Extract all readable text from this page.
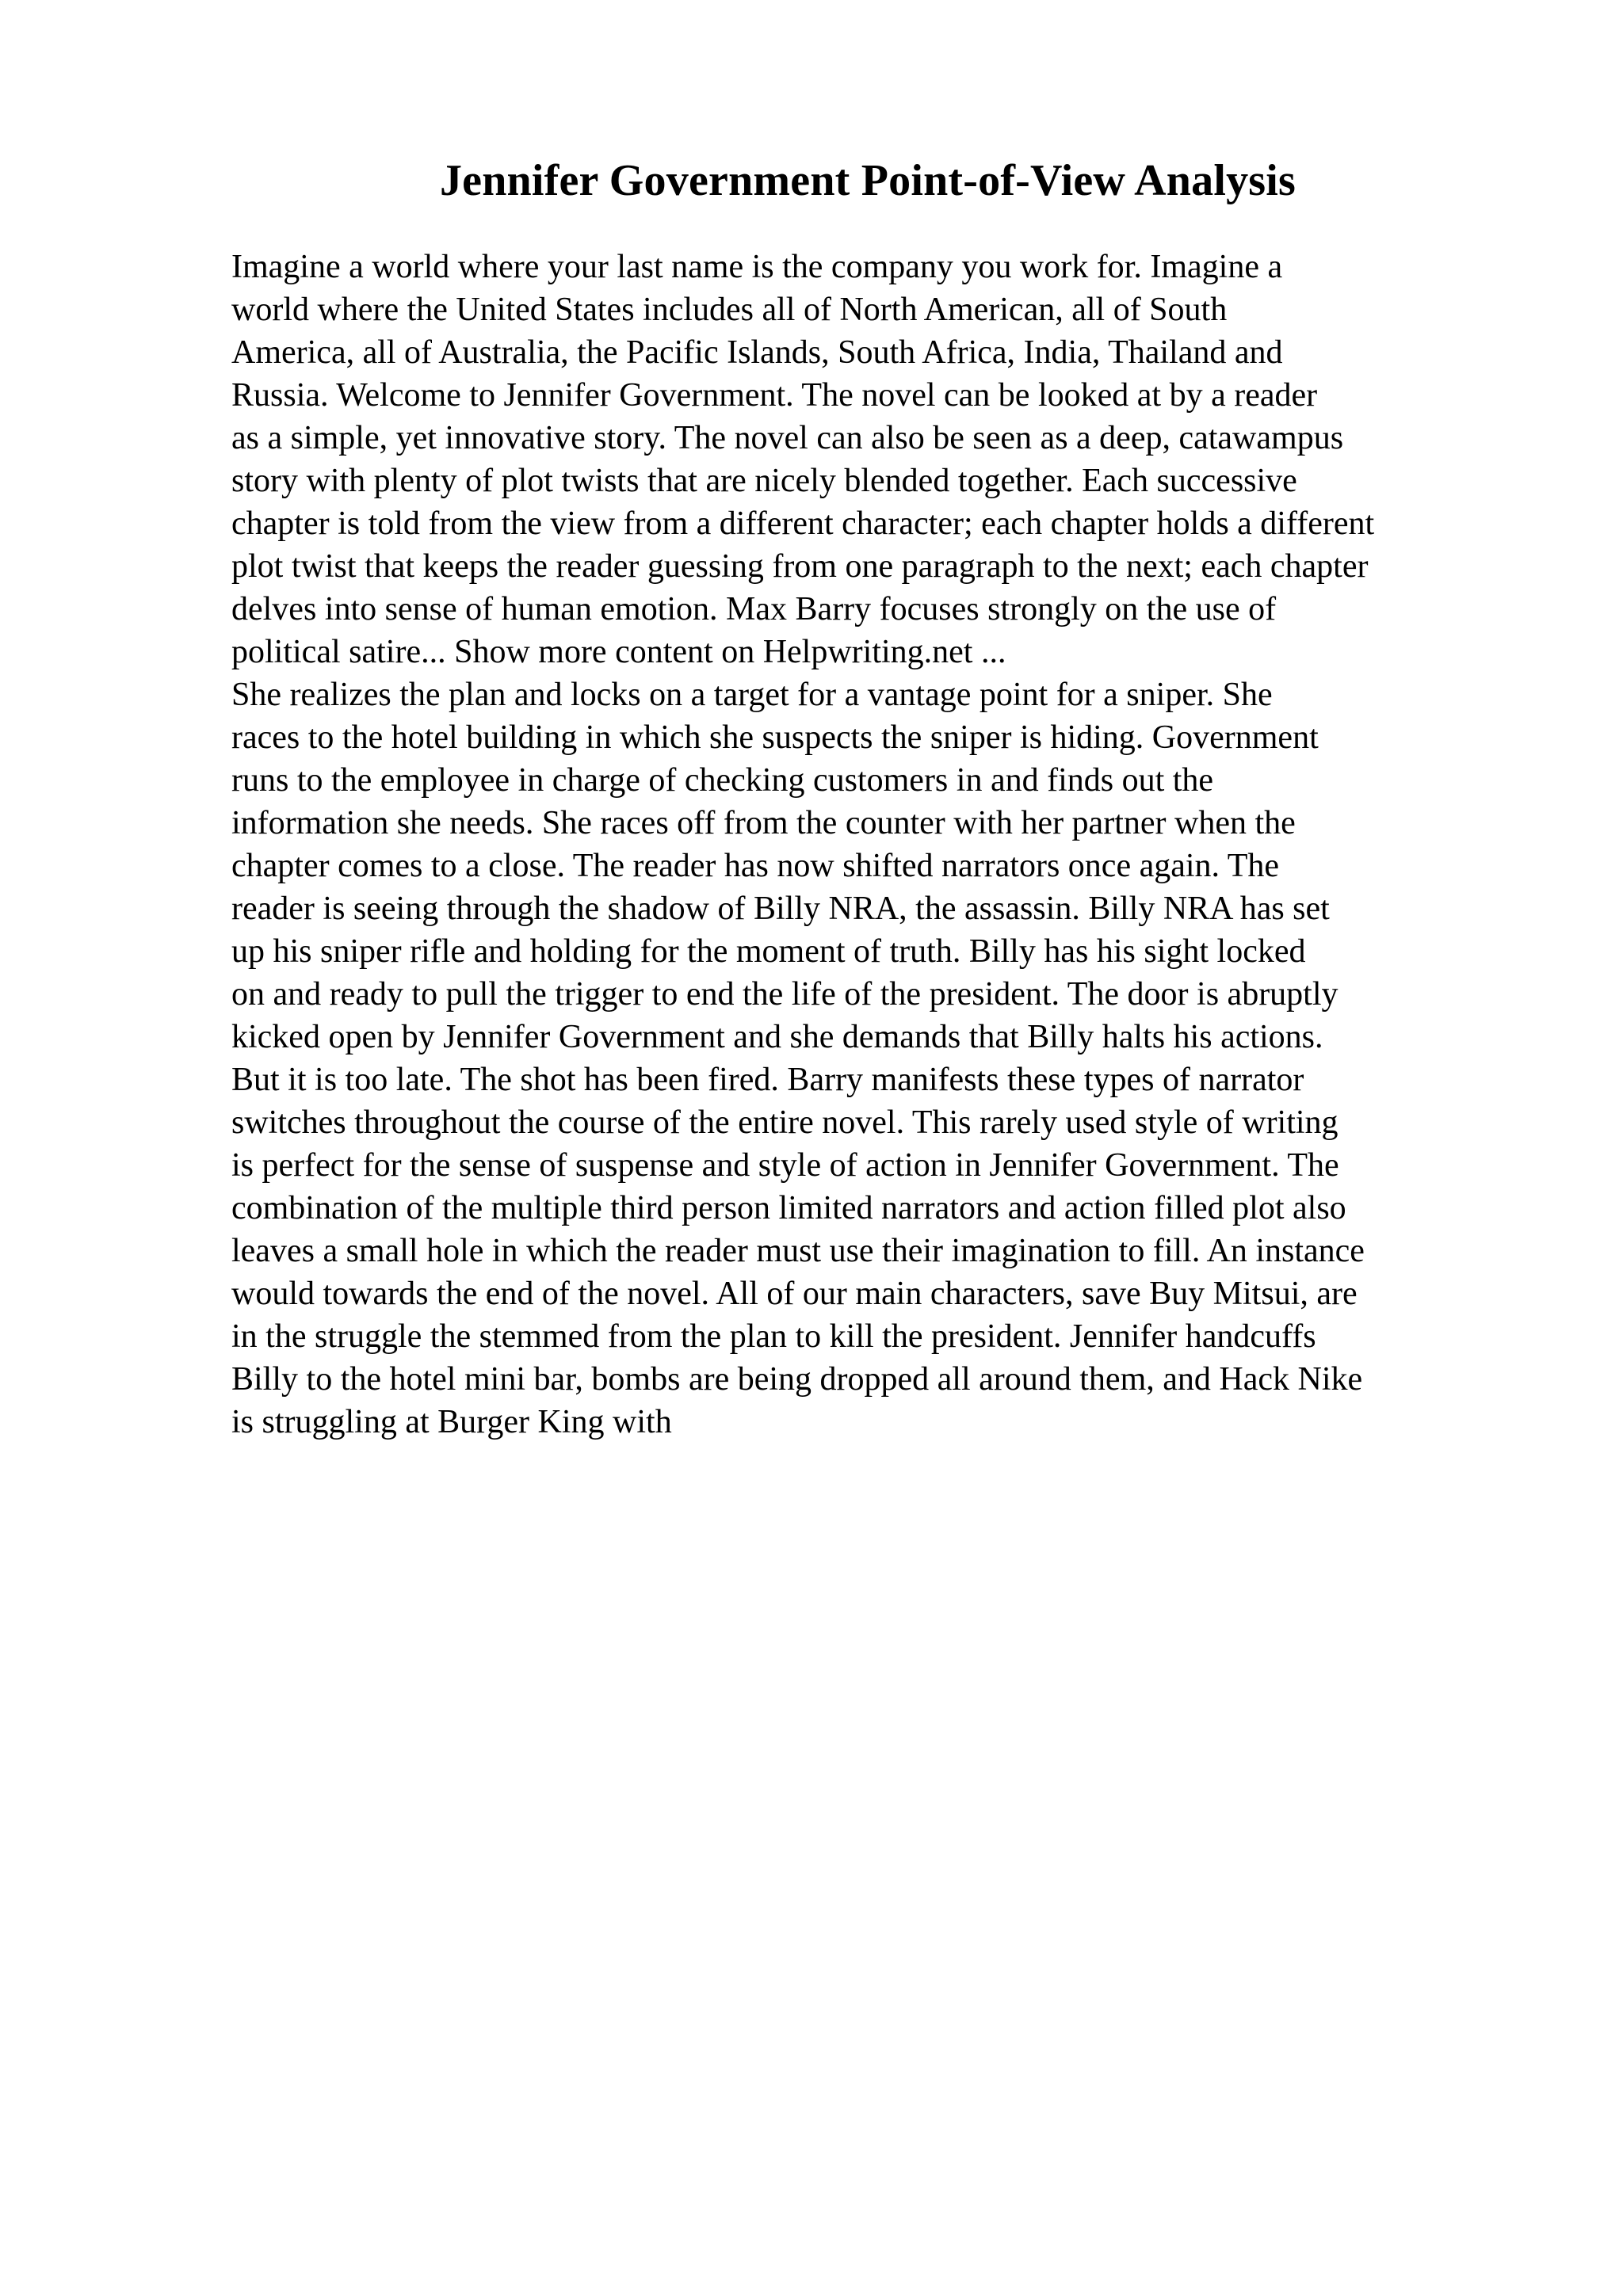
Jennifer Government Point-of-View Analysis
Imagine a world where your last name is the company you work for. Imagine a
world where the United States includes all of North American, all of South
America, all of Australia, the Pacific Islands, South Africa, India, Thailand and
Russia. Welcome to Jennifer Government. The novel can be looked at by a reader
as a simple, yet innovative story. The novel can also be seen as a deep, catawampus
story with plenty of plot twists that are nicely blended together. Each successive
chapter is told from the view from a different character; each chapter holds a different
plot twist that keeps the reader guessing from one paragraph to the next; each chapter
delves into sense of human emotion. Max Barry focuses strongly on the use of
political satire... Show more content on Helpwriting.net ...
She realizes the plan and locks on a target for a vantage point for a sniper. She
races to the hotel building in which she suspects the sniper is hiding. Government
runs to the employee in charge of checking customers in and finds out the
information she needs. She races off from the counter with her partner when the
chapter comes to a close. The reader has now shifted narrators once again. The
reader is seeing through the shadow of Billy NRA, the assassin. Billy NRA has set
up his sniper rifle and holding for the moment of truth. Billy has his sight locked
on and ready to pull the trigger to end the life of the president. The door is abruptly
kicked open by Jennifer Government and she demands that Billy halts his actions.
But it is too late. The shot has been fired. Barry manifests these types of narrator
switches throughout the course of the entire novel. This rarely used style of writing
is perfect for the sense of suspense and style of action in Jennifer Government. The
combination of the multiple third person limited narrators and action filled plot also
leaves a small hole in which the reader must use their imagination to fill. An instance
would towards the end of the novel. All of our main characters, save Buy Mitsui, are
in the struggle the stemmed from the plan to kill the president. Jennifer handcuffs
Billy to the hotel mini bar, bombs are being dropped all around them, and Hack Nike
is struggling at Burger King with
